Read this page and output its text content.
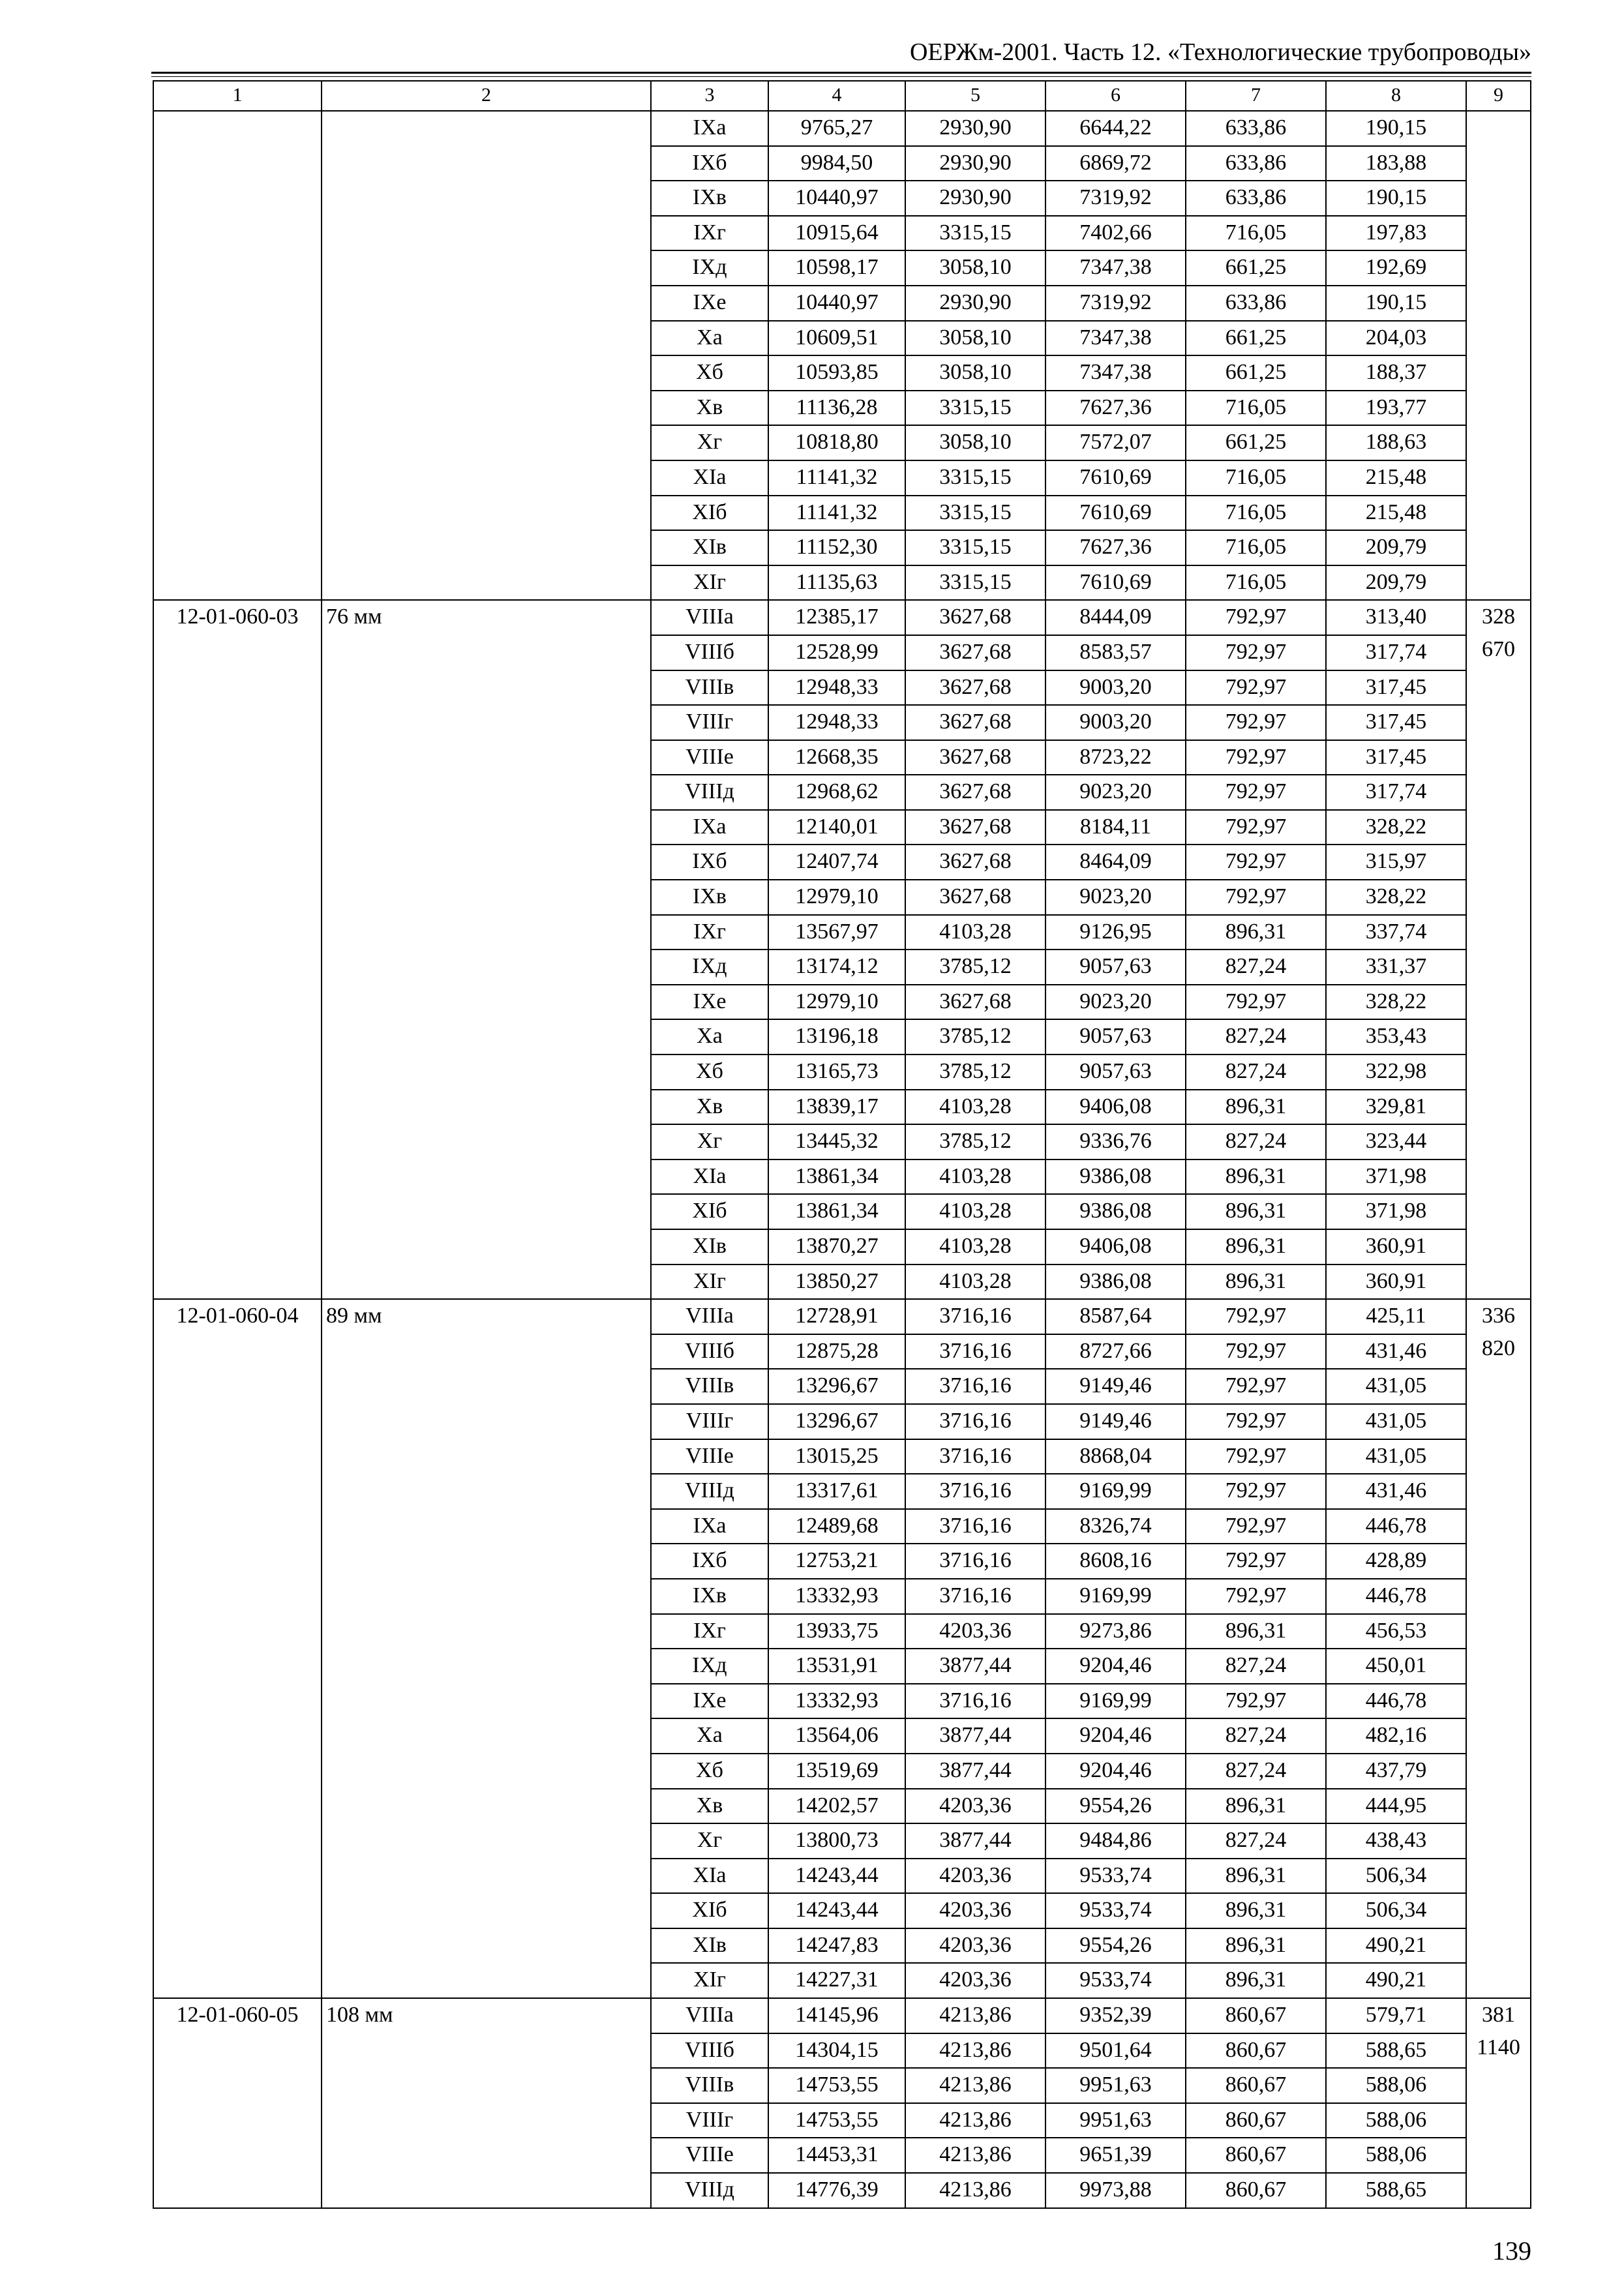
ОЕРЖм-2001. Часть 12. «Технологические трубопроводы»
1	2	3	4	5	6	7	8	9
		IXа	9765,27	2930,90	6644,22	633,86	190,15	

		IXб	9984,50	2930,90	6869,72	633,86	183,88	
		IXв	10440,97	2930,90	7319,92	633,86	190,15	
		IXг	10915,64	3315,15	7402,66	716,05	197,83	
		IXд	10598,17	3058,10	7347,38	661,25	192,69	
		IXе	10440,97	2930,90	7319,92	633,86	190,15	
		Xа	10609,51	3058,10	7347,38	661,25	204,03	
		Xб	10593,85	3058,10	7347,38	661,25	188,37	
		Xв	11136,28	3315,15	7627,36	716,05	193,77	
		Xг	10818,80	3058,10	7572,07	661,25	188,63	
		XIа	11141,32	3315,15	7610,69	716,05	215,48	
		XIб	11141,32	3315,15	7610,69	716,05	215,48	
		XIв	11152,30	3315,15	7627,36	716,05	209,79	
		XIг	11135,63	3315,15	7610,69	716,05	209,79	
12-01-060-03	76 мм	VIIIа	12385,17	3627,68	8444,09	792,97	313,40	328
670

		VIIIб	12528,99	3627,68	8583,57	792,97	317,74	
		VIIIв	12948,33	3627,68	9003,20	792,97	317,45	
		VIIIг	12948,33	3627,68	9003,20	792,97	317,45	
		VIIIе	12668,35	3627,68	8723,22	792,97	317,45	
		VIIIд	12968,62	3627,68	9023,20	792,97	317,74	
		IXа	12140,01	3627,68	8184,11	792,97	328,22	
		IXб	12407,74	3627,68	8464,09	792,97	315,97	
		IXв	12979,10	3627,68	9023,20	792,97	328,22	
		IXг	13567,97	4103,28	9126,95	896,31	337,74	
		IXд	13174,12	3785,12	9057,63	827,24	331,37	
		IXе	12979,10	3627,68	9023,20	792,97	328,22	
		Xа	13196,18	3785,12	9057,63	827,24	353,43	
		Xб	13165,73	3785,12	9057,63	827,24	322,98	
		Xв	13839,17	4103,28	9406,08	896,31	329,81	
		Xг	13445,32	3785,12	9336,76	827,24	323,44	
		XIа	13861,34	4103,28	9386,08	896,31	371,98	
		XIб	13861,34	4103,28	9386,08	896,31	371,98	
		XIв	13870,27	4103,28	9406,08	896,31	360,91	
		XIг	13850,27	4103,28	9386,08	896,31	360,91	
12-01-060-04	89 мм	VIIIа	12728,91	3716,16	8587,64	792,97	425,11	336
820

		VIIIб	12875,28	3716,16	8727,66	792,97	431,46	
		VIIIв	13296,67	3716,16	9149,46	792,97	431,05	
		VIIIг	13296,67	3716,16	9149,46	792,97	431,05	
		VIIIе	13015,25	3716,16	8868,04	792,97	431,05	
		VIIIд	13317,61	3716,16	9169,99	792,97	431,46	
		IXа	12489,68	3716,16	8326,74	792,97	446,78	
		IXб	12753,21	3716,16	8608,16	792,97	428,89	
		IXв	13332,93	3716,16	9169,99	792,97	446,78	
		IXг	13933,75	4203,36	9273,86	896,31	456,53	
		IXд	13531,91	3877,44	9204,46	827,24	450,01	
		IXе	13332,93	3716,16	9169,99	792,97	446,78	
		Xа	13564,06	3877,44	9204,46	827,24	482,16	
		Xб	13519,69	3877,44	9204,46	827,24	437,79	
		Xв	14202,57	4203,36	9554,26	896,31	444,95	
		Xг	13800,73	3877,44	9484,86	827,24	438,43	
		XIа	14243,44	4203,36	9533,74	896,31	506,34	
		XIб	14243,44	4203,36	9533,74	896,31	506,34	
		XIв	14247,83	4203,36	9554,26	896,31	490,21	
		XIг	14227,31	4203,36	9533,74	896,31	490,21	
12-01-060-05	108 мм	VIIIа	14145,96	4213,86	9352,39	860,67	579,71	381
1140

		VIIIб	14304,15	4213,86	9501,64	860,67	588,65	
		VIIIв	14753,55	4213,86	9951,63	860,67	588,06	
		VIIIг	14753,55	4213,86	9951,63	860,67	588,06	
		VIIIе	14453,31	4213,86	9651,39	860,67	588,06	
		VIIIд	14776,39	4213,86	9973,88	860,67	588,65	
139
